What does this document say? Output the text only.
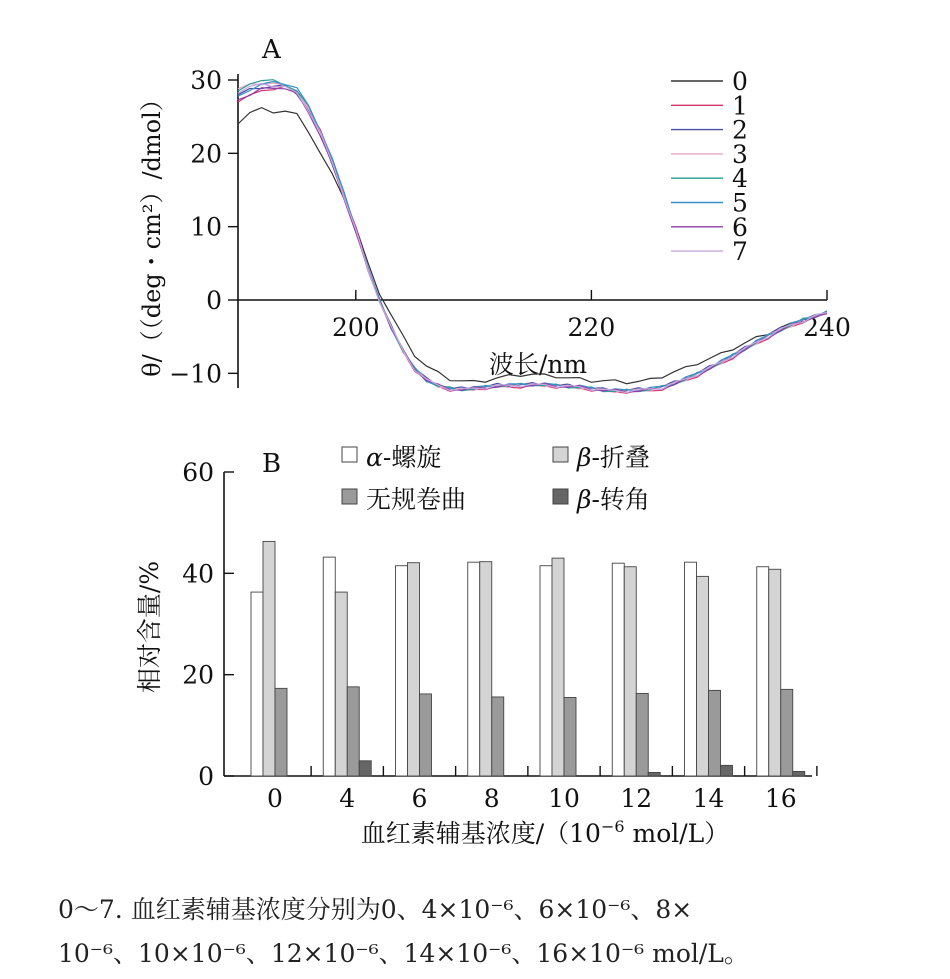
A
θ/（（deg・cm²）/dmol）	波长/nm
30
20
10
0
−10
200	220	240
0
1
2
3
4
5
6
7
B
相对含量/%
血红素辅基浓度$/(10^{-6}$ mol/L）
60
40
20
0
0 4 6 8 10 12 14 16
α-螺旋	β-折叠
无规卷曲	β-转角
0～7. 血红素辅基浓度分别为0、4×10⁻⁶、6×10⁻⁶、8×
10⁻⁶、10×10⁻⁶、12×10⁻⁶、14×10⁻⁶、16×10⁻⁶ mol/L。
